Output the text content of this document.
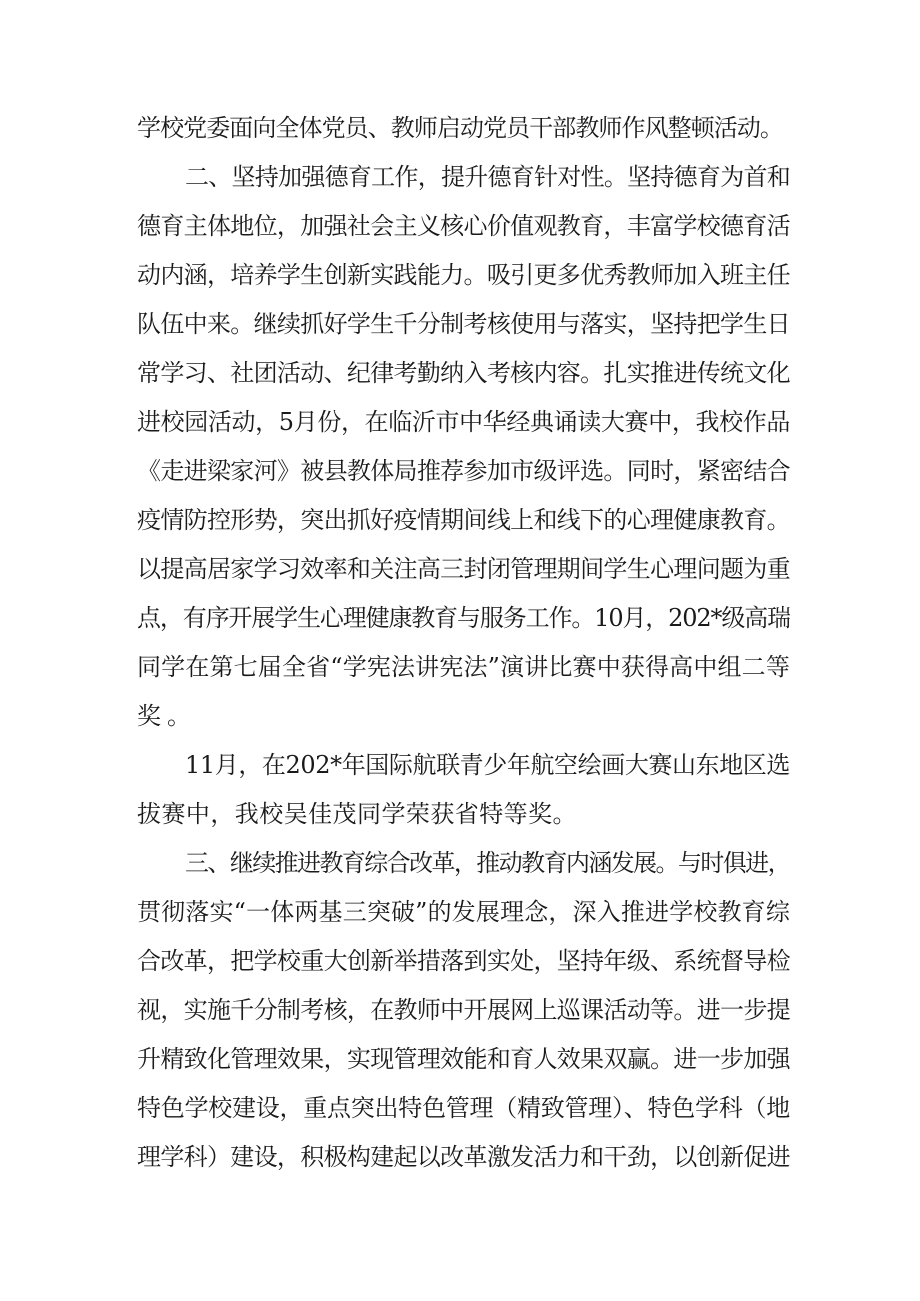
学校党委面向全体党员、教师启动党员干部教师作风整顿活动。
二、坚持加强德育工作，提升德育针对性。坚持德育为首和
德育主体地位，加强社会主义核心价值观教育，丰富学校德育活
动内涵，培养学生创新实践能力。吸引更多优秀教师加入班主任
队伍中来。继续抓好学生千分制考核使用与落实，坚持把学生日
常学习、社团活动、纪律考勤纳入考核内容。扎实推进传统文化
进校园活动，5月份，在临沂市中华经典诵读大赛中，我校作品
《走进梁家河》被县教体局推荐参加市级评选。同时，紧密结合
疫情防控形势，突出抓好疫情期间线上和线下的心理健康教育。
以提高居家学习效率和关注高三封闭管理期间学生心理问题为重
点，有序开展学生心理健康教育与服务工作。10月，202*级高瑞
同学在第七届全省“学宪法讲宪法”演讲比赛中获得高中组二等
奖。
11月，在202*年国际航联青少年航空绘画大赛山东地区选
拔赛中，我校吴佳茂同学荣获省特等奖。
三、继续推进教育综合改革，推动教育内涵发展。与时俱进，
贯彻落实“一体两基三突破”的发展理念，深入推进学校教育综
合改革，把学校重大创新举措落到实处，坚持年级、系统督导检
视，实施千分制考核，在教师中开展网上巡课活动等。进一步提
升精致化管理效果，实现管理效能和育人效果双赢。进一步加强
特色学校建设，重点突出特色管理（精致管理）、特色学科（地
理学科）建设，积极构建起以改革激发活力和干劲，以创新促进
